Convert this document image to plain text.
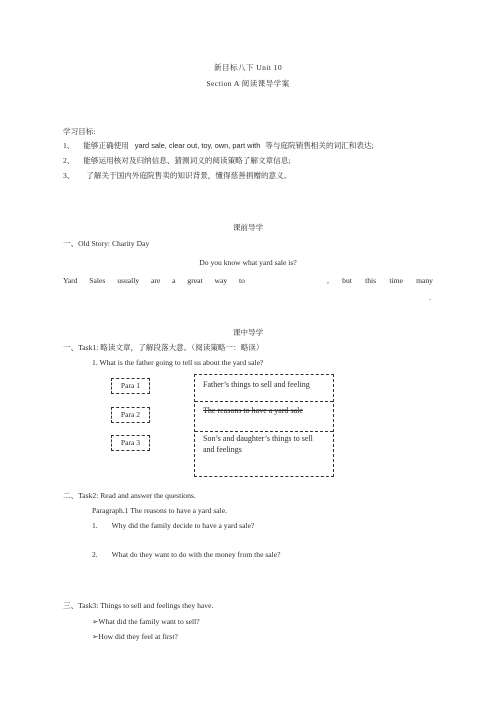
新目标八下 Unit 10
Section A 阅读课导学案
学习目标:
1、 能够正确使用 yard sale, clear out, toy, own, part with 等与庭院销售相关的词汇和表达;
2、 能够运用核对及归纳信息、猜测词义的阅读策略了解文章信息;
3、 了解关于国内外庭院售卖的知识背景，懂得慈善捐赠的意义。
课前导学
一、Old Story: Charity Day
Do you know what yard sale is?
Yard Sales usually are a great way to	, but this time many
.
课中导学
一、Task1: 略读文章，了解段落大意。（阅读策略一：略读）
1. What is the father going to tell us about the yard sale?
Para 1
Para 2
Para 3
Father’s things to sell and feeling
The reasons to have a yard sale
Son’s and daughter’s things to sell
and feelings
二、Task2: Read and answer the questions.
Paragraph.1 The reasons to have a yard sale.
1. Why did the family decide to have a yard sale?
2. What do they want to do with the money from the sale?
三、Task3: Things to sell and feelings they have.
➢What did the family want to sell?
➢How did they feel at first?
